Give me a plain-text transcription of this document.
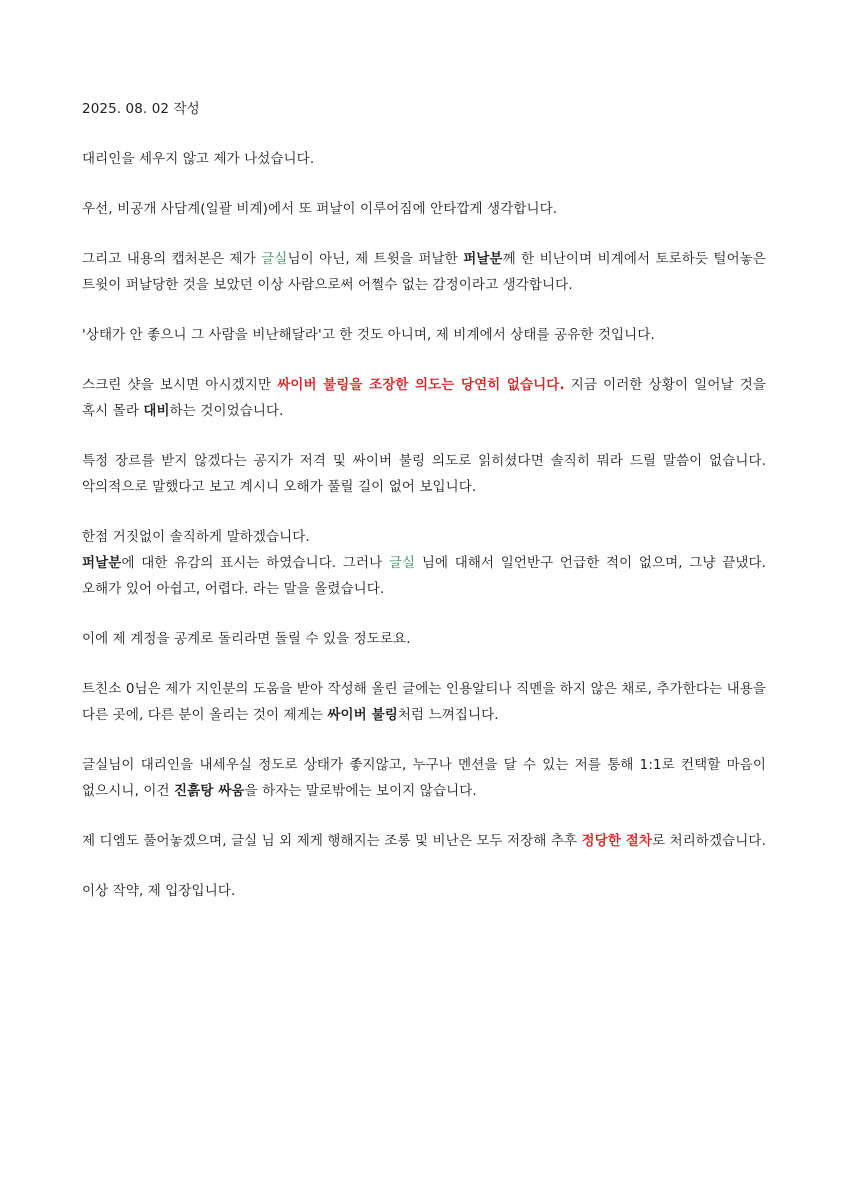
2025. 08. 02 작성

대리인을 세우지 않고 제가 나섰습니다.

우선, 비공개 사담계(일괄 비계)에서 또 퍼날이 이루어짐에 안타깝게 생각합니다.

그리고 내용의 캡처본은 제가 글실님이 아닌, 제 트윗을 퍼날한 퍼날분께 한 비난이며 비계에서 토로하듯 털어놓은 트윗이 퍼날당한 것을 보았던 이상 사람으로써 어쩔수 없는 감정이라고 생각합니다.

'상태가 안 좋으니 그 사람을 비난해달라'고 한 것도 아니며, 제 비계에서 상태를 공유한 것입니다.

스크린 샷을 보시면 아시겠지만 싸이버 불링을 조장한 의도는 당연히 없습니다. 지금 이러한 상황이 일어날 것을 혹시 몰라 대비하는 것이었습니다.

특정 장르를 받지 않겠다는 공지가 저격 및 싸이버 불링 의도로 읽히셨다면 솔직히 뭐라 드릴 말씀이 없습니다. 악의적으로 말했다고 보고 계시니 오해가 풀릴 길이 없어 보입니다.

한점 거짓없이 솔직하게 말하겠습니다.

퍼날분에 대한 유감의 표시는 하였습니다. 그러나 글실 님에 대해서 일언반구 언급한 적이 없으며, 그냥 끝냈다. 오해가 있어 아쉽고, 어렵다. 라는 말을 올렸습니다.

이에 제 계정을 공계로 돌리라면 돌릴 수 있을 정도로요.

트친소 0님은 제가 지인분의 도움을 받아 작성해 올린 글에는 인용알티나 직멘을 하지 않은 채로, 추가한다는 내용을 다른 곳에, 다른 분이 올리는 것이 제게는 싸이버 불링처럼 느껴집니다.

글실님이 대리인을 내세우실 정도로 상태가 좋지않고, 누구나 멘션을 달 수 있는 저를 통해 1:1로 컨택할 마음이 없으시니, 이건 진흙탕 싸움을 하자는 말로밖에는 보이지 않습니다.

제 디엠도 풀어놓겠으며, 글실 님 외 제게 행해지는 조롱 및 비난은 모두 저장해 추후 정당한 절차로 처리하겠습니다.

이상 작약, 제 입장입니다.
